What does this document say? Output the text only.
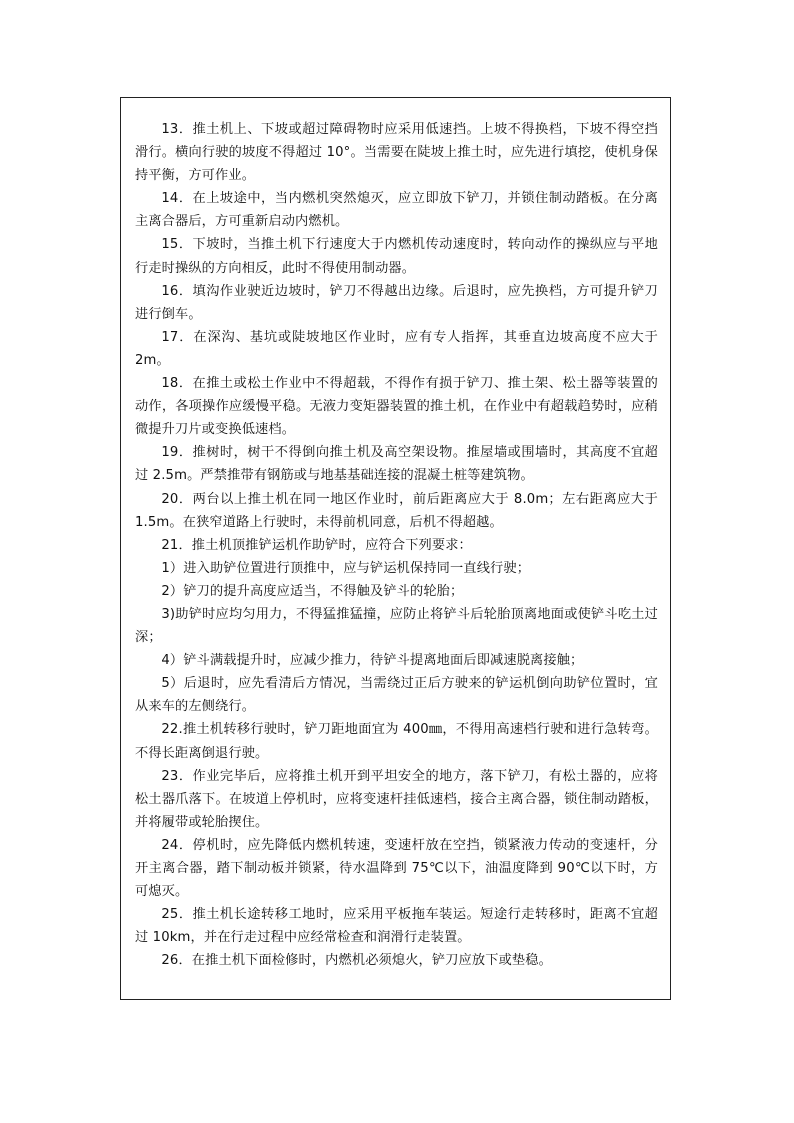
13．推土机上、下坡或超过障碍物时应采用低速挡。上坡不得换档，下坡不得空挡滑行。横向行驶的坡度不得超过 10°。当需要在陡坡上推土时，应先进行填挖，使机身保持平衡，方可作业。

14．在上坡途中，当内燃机突然熄灭，应立即放下铲刀，并锁住制动踏板。在分离主离合器后，方可重新启动内燃机。

15．下坡时，当推土机下行速度大于内燃机传动速度时，转向动作的操纵应与平地行走时操纵的方向相反，此时不得使用制动器。

16．填沟作业驶近边坡时，铲刀不得越出边缘。后退时，应先换档，方可提升铲刀进行倒车。

17．在深沟、基坑或陡坡地区作业时，应有专人指挥，其垂直边坡高度不应大于 2m。

18．在推土或松土作业中不得超载，不得作有损于铲刀、推土架、松土器等装置的动作，各项操作应缓慢平稳。无液力变矩器装置的推土机，在作业中有超载趋势时，应稍微提升刀片或变换低速档。

19．推树时，树干不得倒向推土机及高空架设物。推屋墙或围墙时，其高度不宜超过 2.5m。严禁推带有钢筋或与地基基础连接的混凝土桩等建筑物。

20．两台以上推土机在同一地区作业时，前后距离应大于 8.0m；左右距离应大于 1.5m。在狭窄道路上行驶时，未得前机同意，后机不得超越。

21．推土机顶推铲运机作助铲时，应符合下列要求：

1）进入助铲位置进行顶推中，应与铲运机保持同一直线行驶；

2）铲刀的提升高度应适当，不得触及铲斗的轮胎；

3)助铲时应均匀用力，不得猛推猛撞，应防止将铲斗后轮胎顶离地面或使铲斗吃土过深；

4）铲斗满载提升时，应减少推力，待铲斗提离地面后即减速脱离接触；

5）后退时，应先看清后方情况，当需绕过正后方驶来的铲运机倒向助铲位置时，宜从来车的左侧绕行。

22.推土机转移行驶时，铲刀距地面宜为 400㎜，不得用高速档行驶和进行急转弯。不得长距离倒退行驶。

23．作业完毕后，应将推土机开到平坦安全的地方，落下铲刀，有松土器的，应将松土器爪落下。在坡道上停机时，应将变速杆挂低速档，接合主离合器，锁住制动踏板，并将履带或轮胎揳住。

24．停机时，应先降低内燃机转速，变速杆放在空挡，锁紧液力传动的变速杆，分开主离合器，踏下制动板并锁紧，待水温降到 75℃以下，油温度降到 90℃以下时，方可熄灭。

25．推土机长途转移工地时，应采用平板拖车装运。短途行走转移时，距离不宜超过 10km，并在行走过程中应经常检查和润滑行走装置。

26．在推土机下面检修时，内燃机必须熄火，铲刀应放下或垫稳。
